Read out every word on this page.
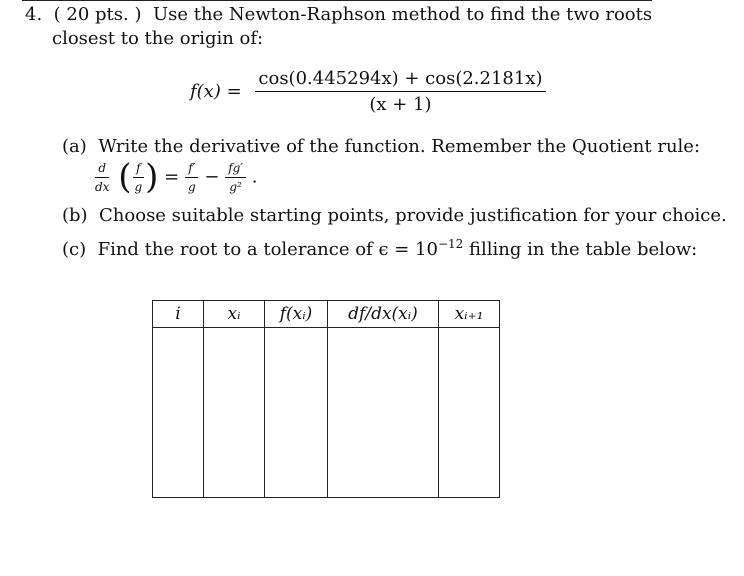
4. ( 20 pts. ) Use the Newton-Raphson method to find the two roots
closest to the origin of:
$f(x) = \frac{\cos(0.445294x) + \cos(2.2181x)}{(x + 1)}$
(a) Write the derivative of the function. Remember the Quotient rule:
$\frac{d}{dx}$ ( $\frac{f}{g}$ ) = $\frac{f'}{g} - \frac{fg'}{\text{g²}}$ .
(b) Choose suitable starting points, provide justification for your choice.
(c) Find the root to a tolerance of $\epsilon = 10^{-12}$ filling in the table below:
i	xᵢ	f(xᵢ)	df/dx(xᵢ)	xᵢ₊₁
